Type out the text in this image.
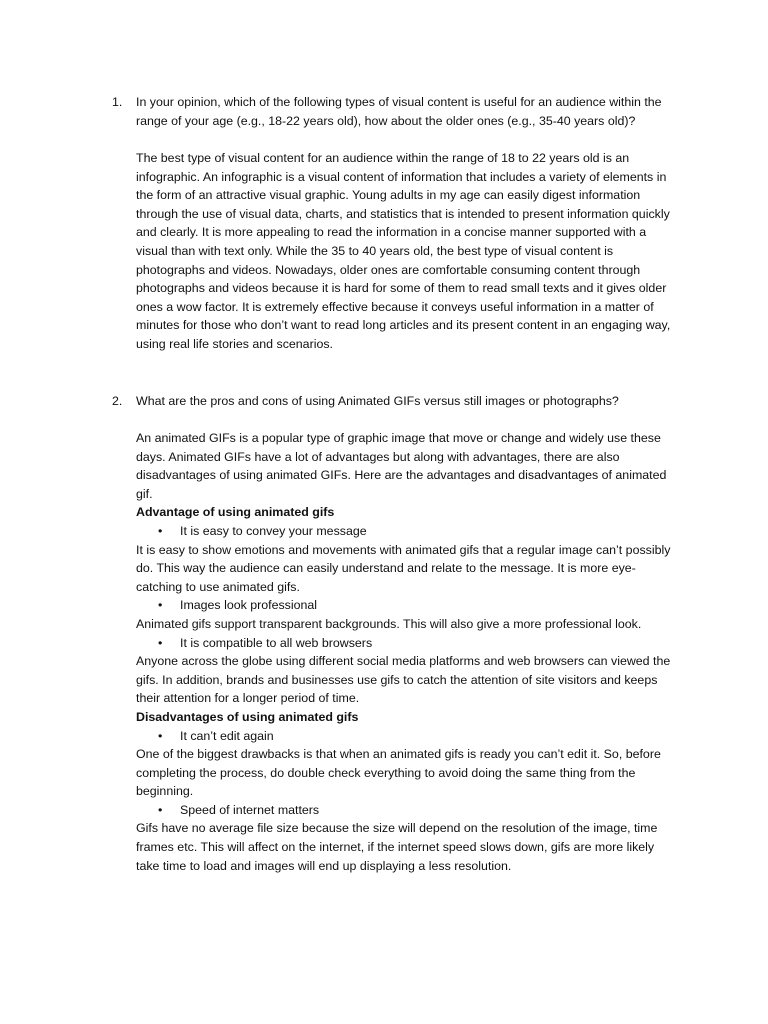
1.	In your opinion, which of the following types of visual content is useful for an audience within the range of your age (e.g., 18-22 years old), how about the older ones (e.g., 35-40 years old)?

The best type of visual content for an audience within the range of 18 to 22 years old is an infographic. An infographic is a visual content of information that includes a variety of elements in the form of an attractive visual graphic. Young adults in my age can easily digest information through the use of visual data, charts, and statistics that is intended to present information quickly and clearly. It is more appealing to read the information in a concise manner supported with a visual than with text only. While the 35 to 40 years old, the best type of visual content is photographs and videos. Nowadays, older ones are comfortable consuming content through photographs and videos because it is hard for some of them to read small texts and it gives older ones a wow factor. It is extremely effective because it conveys useful information in a matter of minutes for those who don’t want to read long articles and its present content in an engaging way, using real life stories and scenarios.

2.	What are the pros and cons of using Animated GIFs versus still images or photographs?

An animated GIFs is a popular type of graphic image that move or change and widely use these days. Animated GIFs have a lot of advantages but along with advantages, there are also disadvantages of using animated GIFs. Here are the advantages and disadvantages of animated gif.

Advantage of using animated gifs

• It is easy to convey your message

It is easy to show emotions and movements with animated gifs that a regular image can’t possibly do. This way the audience can easily understand and relate to the message. It is more eye-catching to use animated gifs.

• Images look professional

Animated gifs support transparent backgrounds. This will also give a more professional look.

• It is compatible to all web browsers

Anyone across the globe using different social media platforms and web browsers can viewed the gifs. In addition, brands and businesses use gifs to catch the attention of site visitors and keeps their attention for a longer period of time.

Disadvantages of using animated gifs

• It can’t edit again

One of the biggest drawbacks is that when an animated gifs is ready you can’t edit it. So, before completing the process, do double check everything to avoid doing the same thing from the beginning.

• Speed of internet matters

Gifs have no average file size because the size will depend on the resolution of the image, time frames etc. This will affect on the internet, if the internet speed slows down, gifs are more likely take time to load and images will end up displaying a less resolution.
